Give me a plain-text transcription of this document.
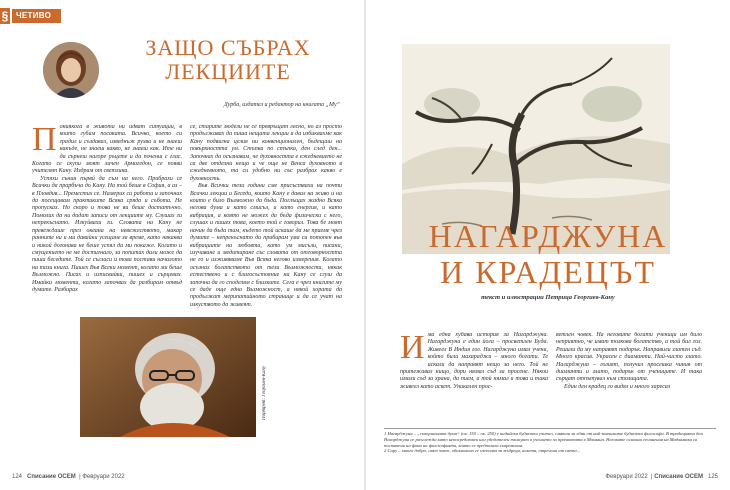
§ ЧЕТИВО
ЗАЩО СЪБРАХ ЛЕКЦИИТЕ
Дурба, издател и редактор на книгата „Му“
П ониякога в живота ни идват ситуации, в които губим посоката. Всичко, което си градил и създавал, изведнъж рухва и не знаеш накъде, не знаеш какво, не знаеш как. Ите ни да сърнеш нагоре ръцете и да поченш с глас. Когато се скупи моят личен Армагедон, се появи учителят Кану. Издрам от светлина.

Успяхи сънин първй да съм на него. Прибрахи се Всички да прарбъча до Кану. На той беше в София, а аз – в Пловдив... Преместих се. Намерих си работа и започнах да посещавам практиките Всяка сряда и събота. Не пропусках. Но скоро и това не ви беше достатъчно. Помолих да ни дадат записи от лекциите му. Слушах ги непрекъснато. Изкуйвахи ги. Словата на Кану не превеждаше през океана на невежеството, макар ранните ни и ми давайки усещане за време, като някаква и никой догонава не беше успял да ми покаже. Когато и смущението не ме достигнало, за попитах дали може да пиша беседите. Той се съгласи и това постави началото на тази книга. Пишех Във Всеки момент, когато ми беше Възможно. Писах и изписвайки, пишех и сърцевах. Имайки моменти, когато започвах да разбирам отвъд думите. Разбирах

се, старите модели не се превръщат лесно, но аз просто продължавах да пиша нещата лекции и да избиквахме как Кану подвигна целия ни конвенционален, бъдещаш на повърхността ум. Стъпка по стъпка, ден след ден... Започнах да осъзнавам, че духовността е ежедневието не са две отделни неща и че още не Венса духовното в ежедневното, та си удобно ни със разбрах какво е духовность.

Във Всички тези години сме присъствахи на почти Всички лекции и Беседи, които Кану е давал на живо и на които е било Възможно да бъда. Поглъщах жадно Всяка негова дума и като смисъл, и като енергия, и като вибрация, а която не можех да бъда физически с него, слушах и пишех това, което той е говорил. Това бе моят начин да бъда там, където той искаше да ме приеме чрез думите – непрекъснато да прибирам ума си потопен във вибрациите на любовта, като ум мисъли, писани, изучаване и медитиране със словата от отговорността не го и изживяваме Във Всяка негово измерения. Когато осъзнах богатството от тези Възможности, някак естествено и с благосъстояние на Кану се сгуш да започна да го споделям с близките. Сега е чрез книгите му се даде още една Възможност, а някой хората да продължат мерипатийното странице и да се учат на изкуството да живеят.

Портрет: Георгиев-Кану
124 Списание ОСЕМ  | Февруари 2022
НАГАРДЖУНА
И КРАДЕЦЪТ
текст и илюстрации Петрица Георгиев-Кану
И ма една хубава история за Нагарджуна. Нагарджуна е един йога – просветлен Буда. Живеел В Индия гол. Нагарджуна имал учени, който били махараджи – много богати. Те искали да направят нещо за него. Той не притежавал нищо, дори нямал съд за просене. Някои имали съд за храна, да пием, а той нямал и това и така живеел като аскет. Уникален прос-

ветлен човек. На неговите богати ученици им било неприятно, че имат толкова богатство, а той бил гол. Решили да му направят подарък. Направили златен съд. Много красив. Украсен с диаманти. Най-чисто злато. Нагарджуна – голият, получил просешка чиния от диаманти и злато, подарък от учениците. И така сърцат отпътувал към столицата.

Един ден крадец го видял и много харесал

1 Нагарджуна – „съвършената дума“ (ок. 150 – ок. 250) е индийски будистки учител, смятан за един от най-значимите будистки философи. В традицията ден Нагарджуна се разглежда като непосредствен или убедителен тълкувач в учението за празнотата в Махаяна. Неговите основни съчинения на Мадхямака са поставени на фона на философията, която се предполага съвременна.
2 Сару – много добро, свят човек, обикновено се използва за мъдреци, аскети, отречени от света...
Февруари 2022  | Списание ОСЕМ 125
